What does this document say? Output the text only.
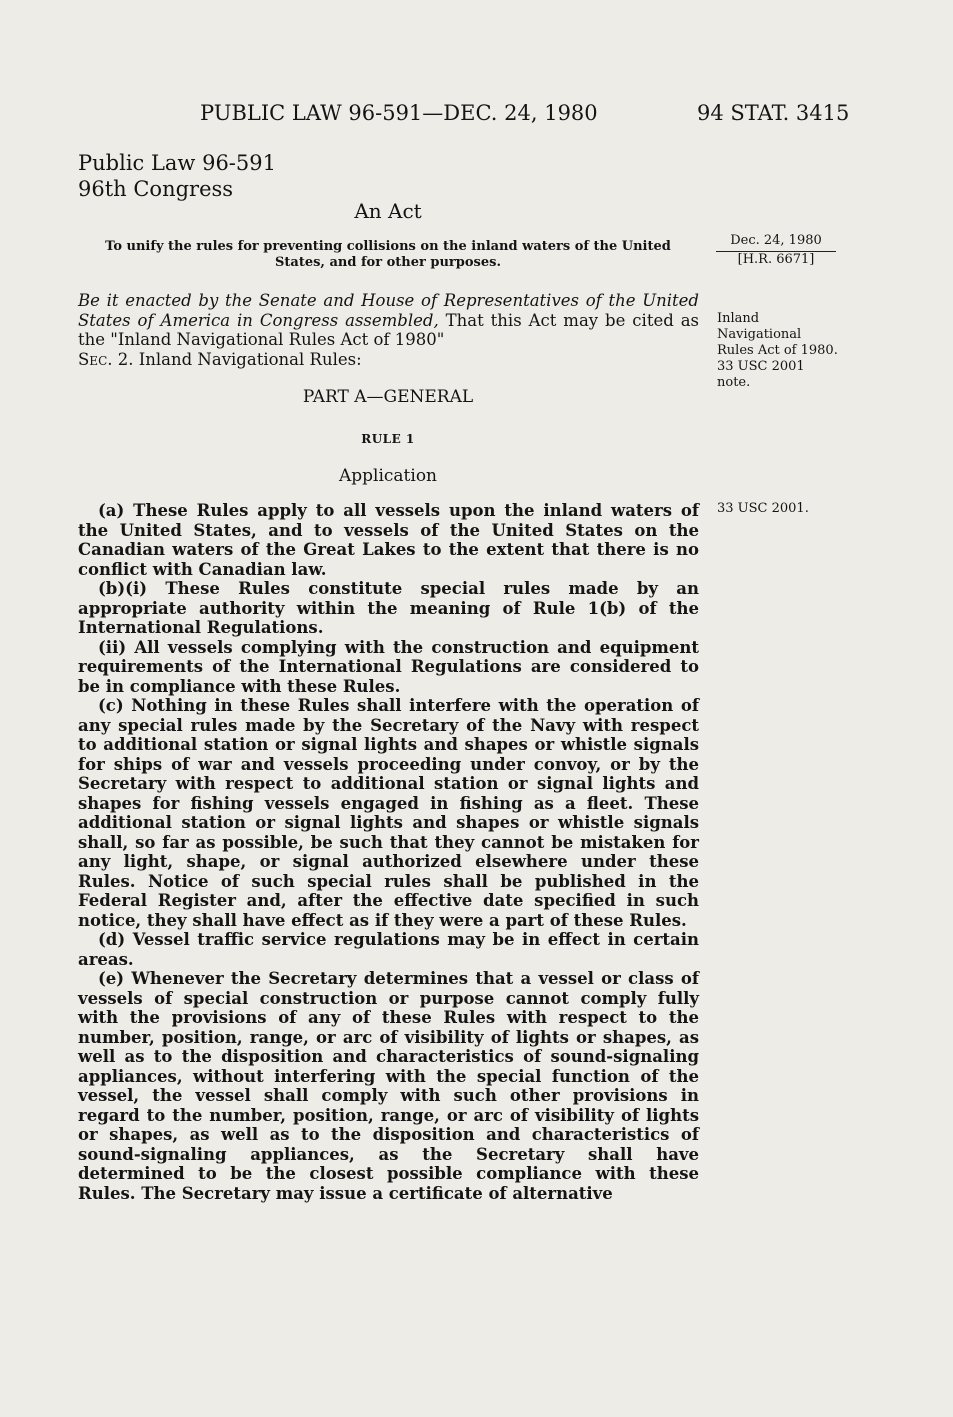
PUBLIC LAW 96-591—DEC. 24, 1980	94 STAT. 3415
Public Law 96-591
96th Congress
An Act
To unify the rules for preventing collisions on the inland waters of the United States, and for other purposes.
Dec. 24, 1980
[H.R. 6671]

Be it enacted by the Senate and House of Representatives of the United States of America in Congress assembled, That this Act may be cited as the "Inland Navigational Rules Act of 1980"

Sec. 2. Inland Navigational Rules:

Inland
Navigational
Rules Act of 1980.
33 USC 2001
note.
PART A—GENERAL
RULE 1
Application
33 USC 2001.

(a) These Rules apply to all vessels upon the inland waters of the United States, and to vessels of the United States on the Canadian waters of the Great Lakes to the extent that there is no conflict with Canadian law.

(b)(i) These Rules constitute special rules made by an appropriate authority within the meaning of Rule 1(b) of the International Regulations.

(ii) All vessels complying with the construction and equipment requirements of the International Regulations are considered to be in compliance with these Rules.

(c) Nothing in these Rules shall interfere with the operation of any special rules made by the Secretary of the Navy with respect to additional station or signal lights and shapes or whistle signals for ships of war and vessels proceeding under convoy, or by the Secretary with respect to additional station or signal lights and shapes for fishing vessels engaged in fishing as a fleet. These additional station or signal lights and shapes or whistle signals shall, so far as possible, be such that they cannot be mistaken for any light, shape, or signal authorized elsewhere under these Rules. Notice of such special rules shall be published in the Federal Register and, after the effective date specified in such notice, they shall have effect as if they were a part of these Rules.

(d) Vessel traffic service regulations may be in effect in certain areas.

(e) Whenever the Secretary determines that a vessel or class of vessels of special construction or purpose cannot comply fully with the provisions of any of these Rules with respect to the number, position, range, or arc of visibility of lights or shapes, as well as to the disposition and characteristics of sound-signaling appliances, without interfering with the special function of the vessel, the vessel shall comply with such other provisions in regard to the number, position, range, or arc of visibility of lights or shapes, as well as to the disposition and characteristics of sound-signaling appliances, as the Secretary shall have determined to be the closest possible compliance with these Rules. The Secretary may issue a certificate of alternative
